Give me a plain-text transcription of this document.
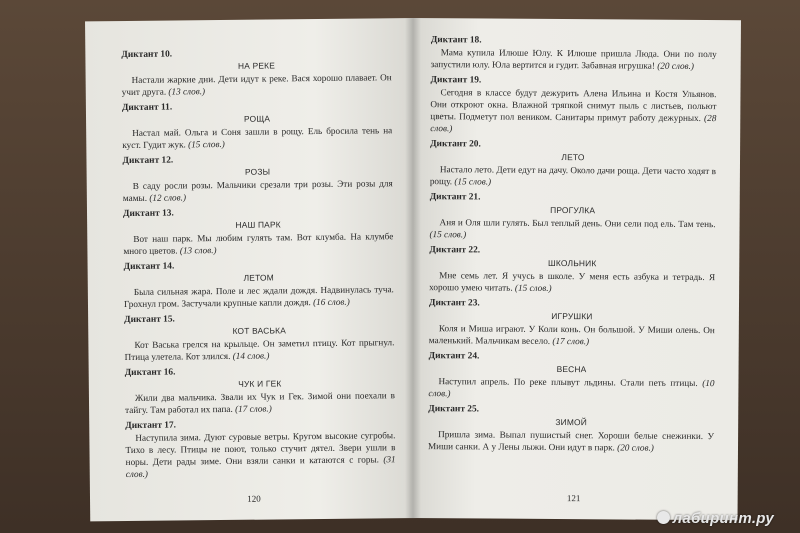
Диктант 10.

НА РЕКЕ

Настали жаркие дни. Дети идут к реке. Вася хорошо плавает. Он учит друга. (13 слов.)

Диктант 11.

РОЩА

Настал май. Ольга и Соня зашли в рощу. Ель бросила тень на куст. Гудит жук. (15 слов.)

Диктант 12.

РОЗЫ

В саду росли розы. Мальчики срезали три розы. Эти розы для мамы. (12 слов.)

Диктант 13.

НАШ ПАРК

Вот наш парк. Мы любим гулять там. Вот клумба. На клумбе много цветов. (13 слов.)

Диктант 14.

ЛЕТОМ

Была сильная жара. Поле и лес ждали дождя. Надвинулась туча. Грохнул гром. Застучали крупные капли дождя. (16 слов.)

Диктант 15.

КОТ ВАСЬКА

Кот Васька грелся на крыльце. Он заметил птицу. Кот прыгнул. Птица улетела. Кот злился. (14 слов.)

Диктант 16.

ЧУК И ГЕК

Жили два мальчика. Звали их Чук и Гек. Зимой они поехали в тайгу. Там работал их папа. (17 слов.)

Диктант 17.

Наступила зима. Дуют суровые ветры. Кругом высокие сугробы. Тихо в лесу. Птицы не поют, только стучит дятел. Звери ушли в норы. Дети рады зиме. Они взяли санки и катаются с горы. (31 слов.)

120

Диктант 18.

Мама купила Илюше Юлу. К Илюше пришла Люда. Они по полу запустили юлу. Юла вертится и гудит. Забавная игрушка! (20 слов.)

Диктант 19.

Сегодня в классе будут дежурить Алена Ильина и Костя Ульянов. Они откроют окна. Влажной тряпкой снимут пыль с листьев, польют цветы. Подметут пол веником. Санитары примут работу дежурных. (28 слов.)

Диктант 20.

ЛЕТО

Настало лето. Дети едут на дачу. Около дачи роща. Дети часто ходят в рощу. (15 слов.)

Диктант 21.

ПРОГУЛКА

Аня и Оля шли гулять. Был теплый день. Они сели под ель. Там тень. (15 слов.)

Диктант 22.

ШКОЛЬНИК

Мне семь лет. Я учусь в школе. У меня есть азбука и тетрадь. Я хорошо умею читать. (15 слов.)

Диктант 23.

ИГРУШКИ

Коля и Миша играют. У Коли конь. Он большой. У Миши олень. Он маленький. Мальчикам весело. (17 слов.)

Диктант 24.

ВЕСНА

Наступил апрель. По реке плывут льдины. Стали петь птицы. (10 слов.)

Диктант 25.

ЗИМОЙ

Пришла зима. Выпал пушистый снег. Хороши белые снежинки. У Миши санки. А у Лены лыжи. Они идут в парк. (20 слов.)

121
лабиринт.ру
